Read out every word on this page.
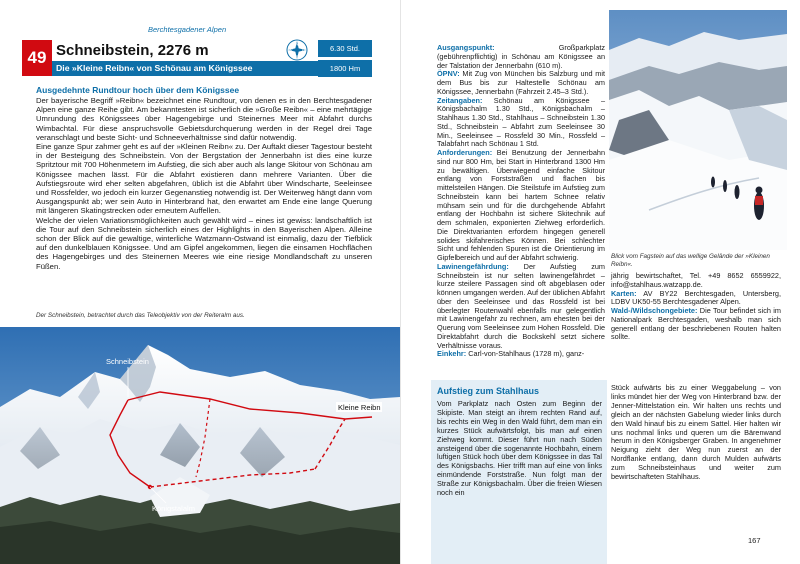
Berchtesgadener Alpen
49 Schneibstein, 2276 m
Die »Kleine Reibn« von Schönau am Königssee
N
S
W O	6.30 Std.
1800 Hm
Ausgedehnte Rundtour hoch über dem Königssee

Der bayerische Begriff »Reibn« bezeichnet eine Rundtour, von denen es in den Berchtesgadener Alpen eine ganze Reihe gibt. Am bekanntesten ist sicherlich die »Große Reibn« – eine mehrtägige Umrundung des Königssees über Hagengebirge und Steinernes Meer mit Abfahrt durchs Wimbachtal. Für diese anspruchsvolle Gebietsdurchquerung werden in der Regel drei Tage veranschlagt und beste Sicht- und Schneeverhältnisse sind dafür notwendig.

Eine ganze Spur zahmer geht es auf der »Kleinen Reibn« zu. Der Auftakt dieser Tagestour besteht in der Besteigung des Schneibstein. Von der Bergstation der Jennerbahn ist dies eine kurze Spritztour mit 700 Höhenmetern im Aufstieg, die sich aber auch als lange Skitour von Schönau am Königssee machen lässt. Für die Abfahrt existieren dann mehrere Varianten. Über die Aufstiegsroute wird eher selten abgefahren, üblich ist die Abfahrt über Windscharte, Seeleinsee und Rossfelder, wo jedoch ein kurzer Gegenanstieg notwendig ist. Der Weiterweg hängt dann vom Ausgangspunkt ab; wer sein Auto in Hinterbrand hat, den erwartet am Ende eine lange Querung mit längeren Skatingstrecken oder erneutem Auffellen.

Welche der vielen Variationsmöglichkeiten auch gewählt wird – eines ist gewiss: landschaftlich ist die Tour auf den Schneibstein sicherlich eines der Highlights in den Bayerischen Alpen. Alleine schon der Blick auf die gewaltige, winterliche Watzmann-Ostwand ist einmalig, dazu der Tiefblick auf den dunkelblauen Königssee. Und am Gipfel angekommen, liegen die einsamen Hochflächen des Hagengebirges und des Steinernen Meeres wie eine riesige Mondlandschaft zu unseren Füßen.

Der Schneibstein, betrachtet durch das Teleobjektiv von der Reiteralm aus.
Schneibstein
Kleine Reibn
Königstalalm

Ausgangspunkt: Großparkplatz (gebührenpflichtig) in Schönau am Königssee an der Talstation der Jennerbahn (610 m).

ÖPNV: Mit Zug von München bis Salzburg und mit dem Bus bis zur Haltestelle Schönau am Königssee, Jennerbahn (Fahrzeit 2.45–3 Std.).

Zeitangaben: Schönau am Königssee – Königsbachalm 1.30 Std., Königsbachalm – Stahlhaus 1.30 Std., Stahlhaus – Schneibstein 1.30 Std., Schneibstein – Abfahrt zum Seeleinsee 30 Min., Seeleinsee – Rossfeld 30 Min., Rossfeld – Talabfahrt nach Schönau 1 Std.

Anforderungen: Bei Benutzung der Jennerbahn sind nur 800 Hm, bei Start in Hinterbrand 1300 Hm zu bewältigen. Überwiegend einfache Skitour entlang von Forststraßen und flachen bis mittelsteilen Hängen. Die Steilstufe im Aufstieg zum Schneibstein kann bei hartem Schnee relativ mühsam sein und für die durchgehende Abfahrt entlang der Hochbahn ist sichere Skitechnik auf dem schmalen, exponierten Ziehweg erforderlich. Die Direktvarianten erfordern hingegen generell solides skifahrerisches Können. Bei schlechter Sicht und fehlenden Spuren ist die Orientierung im Gipfelbereich und auf der Abfahrt schwierig.

Lawinengefährdung: Der Aufstieg zum Schneibstein ist nur selten lawinengefährdet – kurze steilere Passagen sind oft abgeblasen oder können umgangen werden. Auf der üblichen Abfahrt über den Seeleinsee und das Rossfeld ist bei überlegter Routenwahl ebenfalls nur gelegentlich mit Lawinengefahr zu rechnen, am ehesten bei der Querung vom Seeleinsee zum Hohen Rossfeld. Die Direktabfahrt durch die Bockskehl setzt sichere Verhältnisse voraus.

Einkehr: Carl-von-Stahlhaus (1728 m), ganz-

Blick vom Fagstein auf das wellige Gelände der »Kleinen Reibn«.

jährig bewirtschaftet, Tel. +49 8652 6559922, info@stahlhaus.watzapp.de.

Karten: AV BY22 Berchtesgaden, Untersberg, LDBV UK50-55 Berchtesgadener Alpen.

Wald-/Wildschongebiete: Die Tour befindet sich im Nationalpark Berchtesgaden, weshalb man sich generell entlang der beschriebenen Routen halten sollte.

Aufstieg zum Stahlhaus
Vom Parkplatz nach Osten zum Beginn der Skipiste. Man steigt an ihrem rechten Rand auf, bis rechts ein Weg in den Wald führt, dem man ein kurzes Stück aufwärtsfolgt, bis man auf einen Ziehweg kommt. Dieser führt nun nach Süden ansteigend über die sogenannte Hochbahn, einem luftigen Stück hoch über dem Königssee in das Tal des Königsbachs. Hier trifft man auf eine von links einmündende Forststraße. Nun folgt man der Straße zur Königsbachalm. Über die freien Wiesen noch ein
Stück aufwärts bis zu einer Weggabelung – von links mündet hier der Weg von Hinterbrand bzw. der Jenner-Mittelstation ein. Wir halten uns rechts und gleich an der nächsten Gabelung wieder links durch den Wald hinauf bis zu einem Sattel. Hier halten wir uns nochmal links und queren um die Bärenwand herum in den Königsberger Graben. In angenehmer Neigung zieht der Weg nun zuerst an der Nordflanke entlang, dann durch Mulden aufwärts zum Schneibsteinhaus und weiter zum bewirtschafteten Stahlhaus.
167
